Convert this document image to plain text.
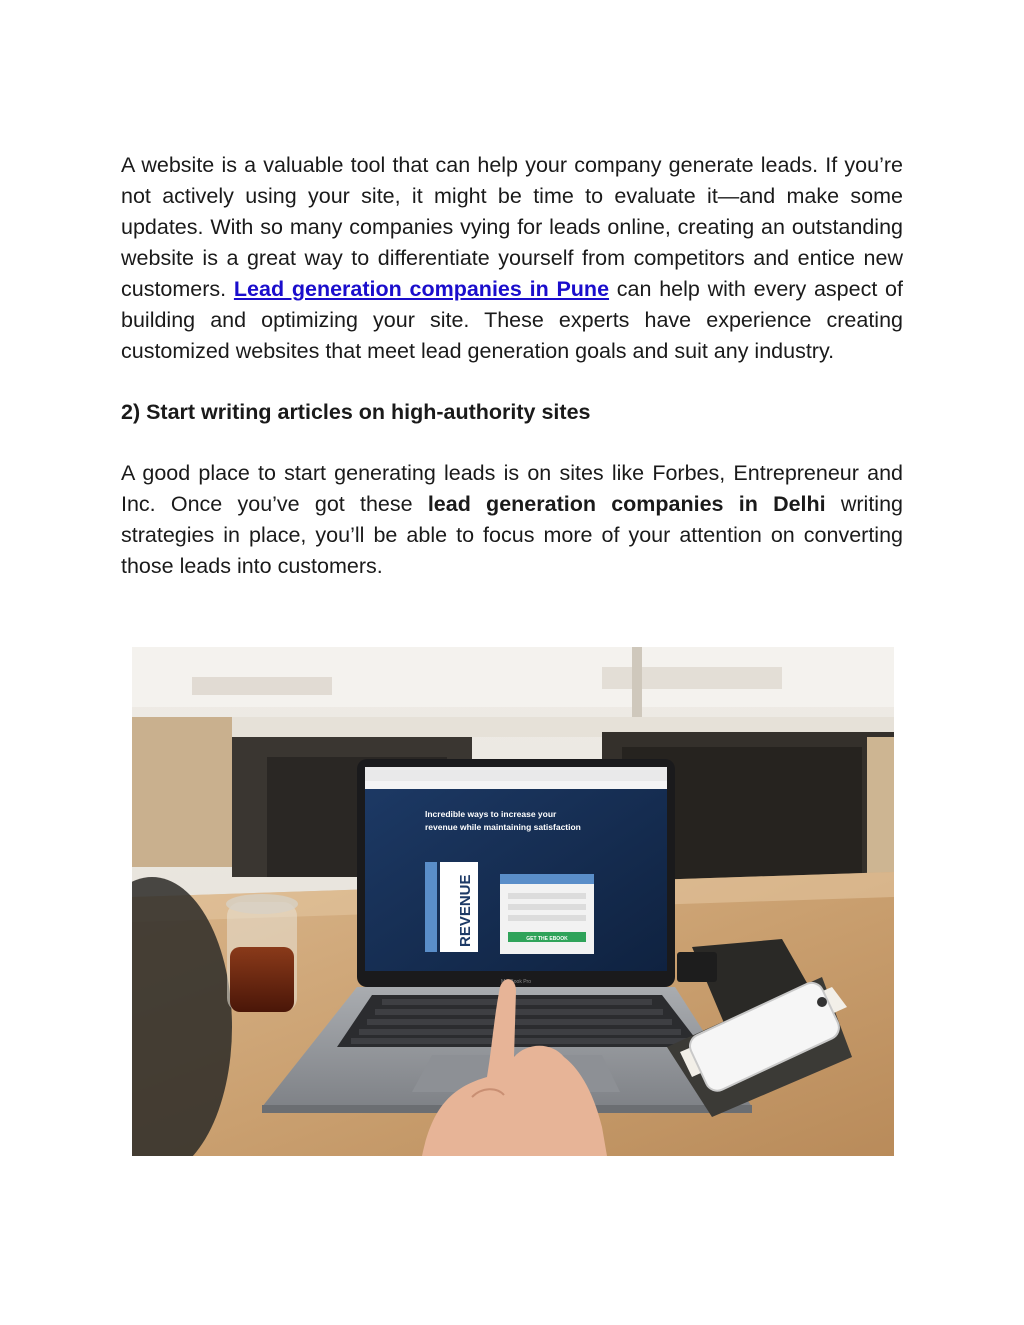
A website is a valuable tool that can help your company generate leads. If you’re not actively using your site, it might be time to evaluate it—and make some updates. With so many companies vying for leads online, creating an outstanding website is a great way to differentiate yourself from competitors and entice new customers. Lead generation companies in Pune can help with every aspect of building and optimizing your site. These experts have experience creating customized websites that meet lead generation goals and suit any industry.

2) Start writing articles on high-authority sites

A good place to start generating leads is on sites like Forbes, Entrepreneur and Inc. Once you’ve got these lead generation companies in Delhi writing strategies in place, you’ll be able to focus more of your attention on converting those leads into customers.

Incredible ways to increase your
revenue while maintaining satisfaction
REVENUE	GET THE EBOOK
MacBook Pro
